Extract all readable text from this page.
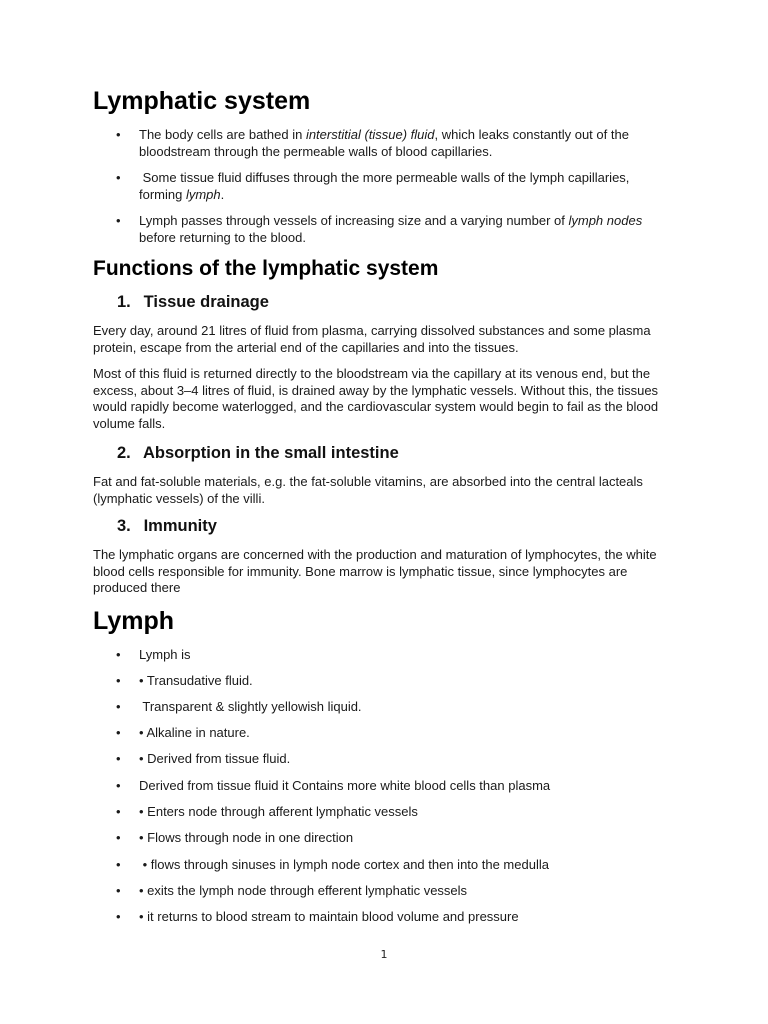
Lymphatic system
•	The body cells are bathed in interstitial (tissue) fluid, which leaks constantly out of the bloodstream through the permeable walls of blood capillaries.
•	Some tissue fluid diffuses through the more permeable walls of the lymph capillaries, forming lymph.
•	Lymph passes through vessels of increasing size and a varying number of lymph nodes before returning to the blood.
Functions of the lymphatic system
1. Tissue drainage

Every day, around 21 litres of fluid from plasma, carrying dissolved substances and some plasma protein, escape from the arterial end of the capillaries and into the tissues.

Most of this fluid is returned directly to the bloodstream via the capillary at its venous end, but the excess, about 3–4 litres of fluid, is drained away by the lymphatic vessels. Without this, the tissues would rapidly become waterlogged, and the cardiovascular system would begin to fail as the blood volume falls.

2. Absorption in the small intestine

Fat and fat-soluble materials, e.g. the fat-soluble vitamins, are absorbed into the central lacteals (lymphatic vessels) of the villi.

3. Immunity

The lymphatic organs are concerned with the production and maturation of lymphocytes, the white blood cells responsible for immunity. Bone marrow is lymphatic tissue, since lymphocytes are produced there

Lymph
•	Lymph is
•	• Transudative fluid.
•	Transparent & slightly yellowish liquid.
•	• Alkaline in nature.
•	• Derived from tissue fluid.
•	Derived from tissue fluid it Contains more white blood cells than plasma
•	• Enters node through afferent lymphatic vessels
•	• Flows through node in one direction
•	• flows through sinuses in lymph node cortex and then into the medulla
•	• exits the lymph node through efferent lymphatic vessels
•	• it returns to blood stream to maintain blood volume and pressure
1
